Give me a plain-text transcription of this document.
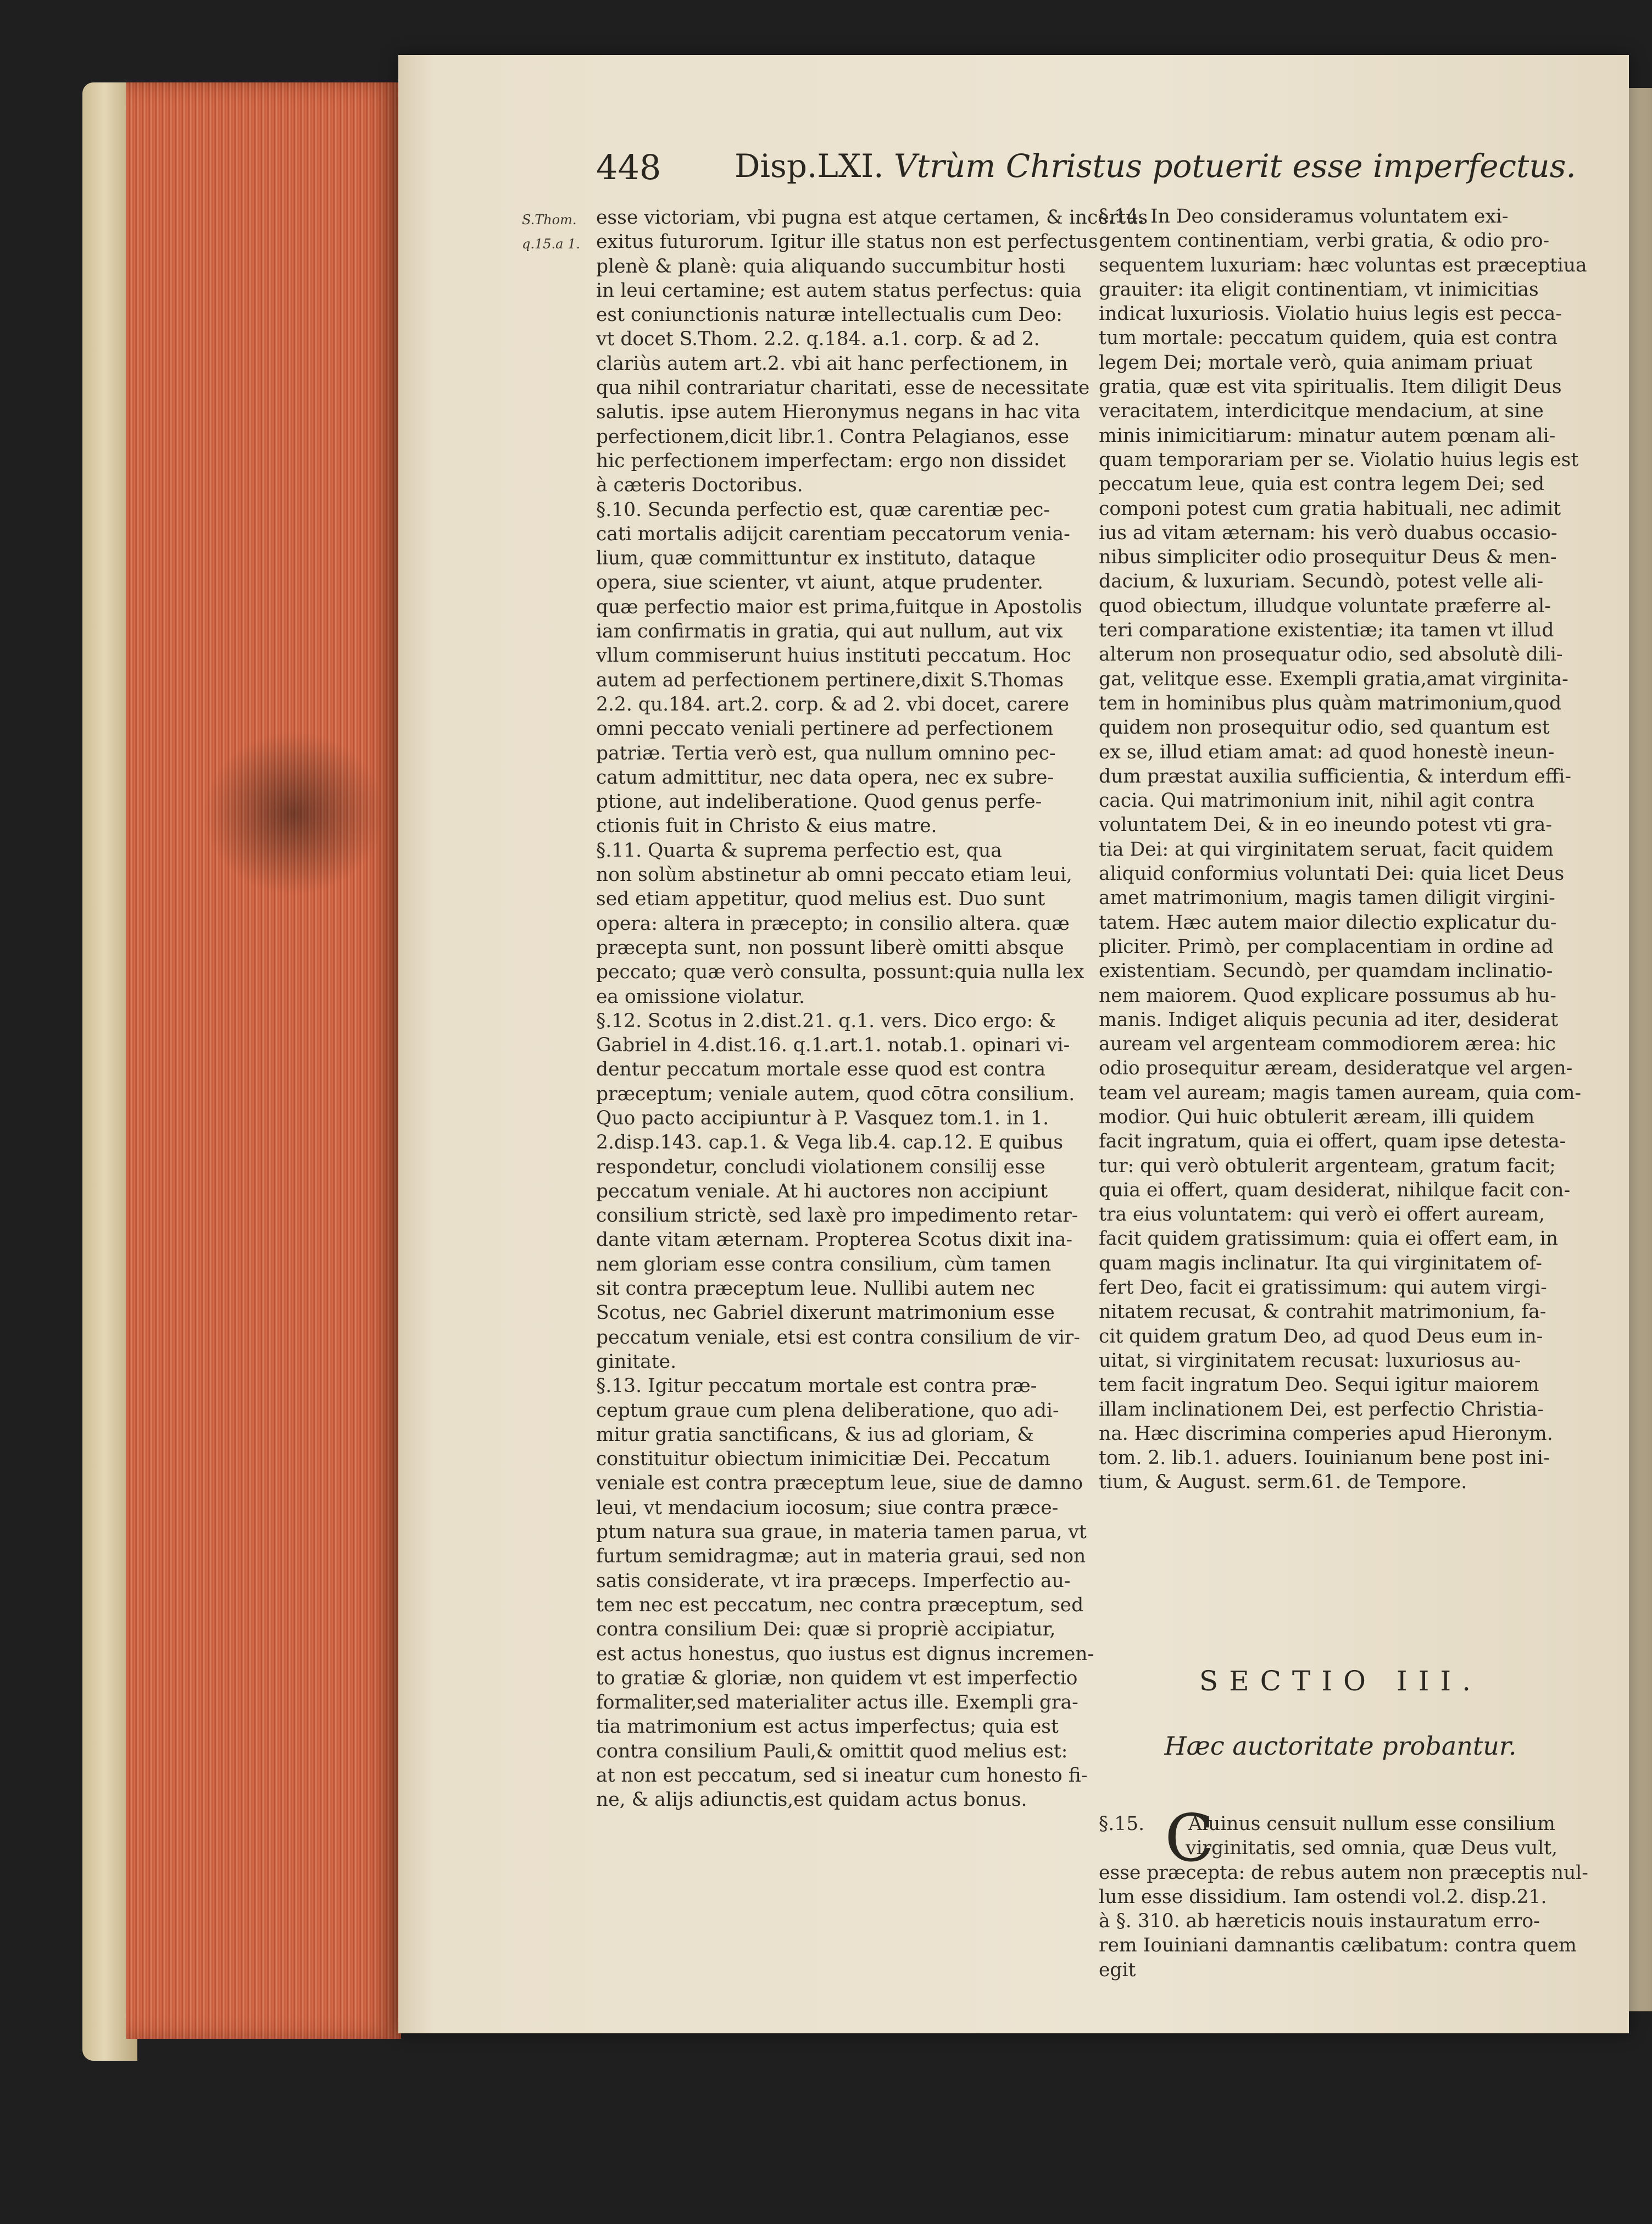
448 Disp.LXI. Vtrùm Christus potuerit esse imperfectus.
S.Thom.
q.15.a 1.

esse victoriam, vbi pugna est atque certamen, & incertus

exitus futurorum. Igitur ille status non est perfectus

plenè & planè: quia aliquando succumbitur hosti

in leui certamine; est autem status perfectus: quia

est coniunctionis naturæ intellectualis cum Deo:

vt docet S.Thom. 2.2. q.184. a.1. corp. & ad 2.

clariùs autem art.2. vbi ait hanc perfectionem, in

qua nihil contrariatur charitati, esse de necessitate

salutis. ipse autem Hieronymus negans in hac vita

perfectionem,dicit libr.1. Contra Pelagianos, esse

hic perfectionem imperfectam: ergo non dissidet

à cæteris Doctoribus.

§.10. Secunda perfectio est, quæ carentiæ pec-

cati mortalis adijcit carentiam peccatorum venia-

lium, quæ committuntur ex instituto, dataque

opera, siue scienter, vt aiunt, atque prudenter.

quæ perfectio maior est prima,fuitque in Apostolis

iam confirmatis in gratia, qui aut nullum, aut vix

vllum commiserunt huius instituti peccatum. Hoc

autem ad perfectionem pertinere,dixit S.Thomas

2.2. qu.184. art.2. corp. & ad 2. vbi docet, carere

omni peccato veniali pertinere ad perfectionem

patriæ. Tertia verò est, qua nullum omnino pec-

catum admittitur, nec data opera, nec ex subre-

ptione, aut indeliberatione. Quod genus perfe-

ctionis fuit in Christo & eius matre.

§.11. Quarta & suprema perfectio est, qua

non solùm abstinetur ab omni peccato etiam leui,

sed etiam appetitur, quod melius est. Duo sunt

opera: altera in præcepto; in consilio altera. quæ

præcepta sunt, non possunt liberè omitti absque

peccato; quæ verò consulta, possunt:quia nulla lex

ea omissione violatur.

§.12. Scotus in 2.dist.21. q.1. vers. Dico ergo: &

Gabriel in 4.dist.16. q.1.art.1. notab.1. opinari vi-

dentur peccatum mortale esse quod est contra

præceptum; veniale autem, quod cōtra consilium.

Quo pacto accipiuntur à P. Vasquez tom.1. in 1.

2.disp.143. cap.1. & Vega lib.4. cap.12. E quibus

respondetur, concludi violationem consilij esse

peccatum veniale. At hi auctores non accipiunt

consilium strictè, sed laxè pro impedimento retar-

dante vitam æternam. Propterea Scotus dixit ina-

nem gloriam esse contra consilium, cùm tamen

sit contra præceptum leue. Nullibi autem nec

Scotus, nec Gabriel dixerunt matrimonium esse

peccatum veniale, etsi est contra consilium de vir-

ginitate.

§.13. Igitur peccatum mortale est contra præ-

ceptum graue cum plena deliberatione, quo adi-

mitur gratia sanctificans, & ius ad gloriam, &

constituitur obiectum inimicitiæ Dei. Peccatum

veniale est contra præceptum leue, siue de damno

leui, vt mendacium iocosum; siue contra præce-

ptum natura sua graue, in materia tamen parua, vt

furtum semidragmæ; aut in materia graui, sed non

satis considerate, vt ira præceps. Imperfectio au-

tem nec est peccatum, nec contra præceptum, sed

contra consilium Dei: quæ si propriè accipiatur,

est actus honestus, quo iustus est dignus incremen-

to gratiæ & gloriæ, non quidem vt est imperfectio

formaliter,sed materialiter actus ille. Exempli gra-

tia matrimonium est actus imperfectus; quia est

contra consilium Pauli,& omittit quod melius est:

at non est peccatum, sed si ineatur cum honesto fi-

ne, & alijs adiunctis,est quidam actus bonus.

§.14. In Deo consideramus voluntatem exi-

gentem continentiam, verbi gratia, & odio pro-

sequentem luxuriam: hæc voluntas est præceptiua

grauiter: ita eligit continentiam, vt inimicitias

indicat luxuriosis. Violatio huius legis est pecca-

tum mortale: peccatum quidem, quia est contra

legem Dei; mortale verò, quia animam priuat

gratia, quæ est vita spiritualis. Item diligit Deus

veracitatem, interdicitque mendacium, at sine

minis inimicitiarum: minatur autem pœnam ali-

quam temporariam per se. Violatio huius legis est

peccatum leue, quia est contra legem Dei; sed

componi potest cum gratia habituali, nec adimit

ius ad vitam æternam: his verò duabus occasio-

nibus simpliciter odio prosequitur Deus & men-

dacium, & luxuriam. Secundò, potest velle ali-

quod obiectum, illudque voluntate præferre al-

teri comparatione existentiæ; ita tamen vt illud

alterum non prosequatur odio, sed absolutè dili-

gat, velitque esse. Exempli gratia,amat virginita-

tem in hominibus plus quàm matrimonium,quod

quidem non prosequitur odio, sed quantum est

ex se, illud etiam amat: ad quod honestè ineun-

dum præstat auxilia sufficientia, & interdum effi-

cacia. Qui matrimonium init, nihil agit contra

voluntatem Dei, & in eo ineundo potest vti gra-

tia Dei: at qui virginitatem seruat, facit quidem

aliquid conformius voluntati Dei: quia licet Deus

amet matrimonium, magis tamen diligit virgini-

tatem. Hæc autem maior dilectio explicatur du-

pliciter. Primò, per complacentiam in ordine ad

existentiam. Secundò, per quamdam inclinatio-

nem maiorem. Quod explicare possumus ab hu-

manis. Indiget aliquis pecunia ad iter, desiderat

auream vel argenteam commodiorem ærea: hic

odio prosequitur æream, desideratque vel argen-

team vel auream; magis tamen auream, quia com-

modior. Qui huic obtulerit æream, illi quidem

facit ingratum, quia ei offert, quam ipse detesta-

tur: qui verò obtulerit argenteam, gratum facit;

quia ei offert, quam desiderat, nihilque facit con-

tra eius voluntatem: qui verò ei offert auream,

facit quidem gratissimum: quia ei offert eam, in

quam magis inclinatur. Ita qui virginitatem of-

fert Deo, facit ei gratissimum: qui autem virgi-

nitatem recusat, & contrahit matrimonium, fa-

cit quidem gratum Deo, ad quod Deus eum in-

uitat, si virginitatem recusat: luxuriosus au-

tem facit ingratum Deo. Sequi igitur maiorem

illam inclinationem Dei, est perfectio Christia-

na. Hæc discrimina comperies apud Hieronym.

tom. 2. lib.1. aduers. Iouinianum bene post ini-

tium, & August. serm.61. de Tempore.

SECTIO III.
Hæc auctoritate probantur.

§.15. Aluinus censuit nullum esse consilium

virginitatis, sed omnia, quæ Deus vult,

esse præcepta: de rebus autem non præceptis nul-

lum esse dissidium. Iam ostendi vol.2. disp.21.

à §. 310. ab hæreticis nouis instauratum erro-

rem Iouiniani damnantis cælibatum: contra quem

egit

C
